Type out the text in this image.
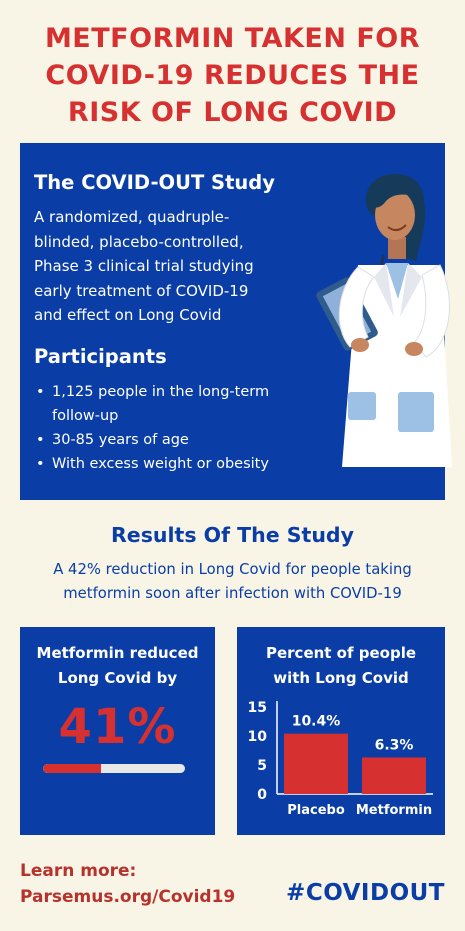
METFORMIN TAKEN FOR
COVID-19 REDUCES THE
RISK OF LONG COVID
The COVID-OUT Study
A randomized, quadruple-
blinded, placebo-controlled,
Phase 3 clinical trial studying
early treatment of COVID-19
and effect on Long Covid
Participants
• 1,125 people in the long-term follow-up
• 30-85 years of age
• With excess weight or obesity
Results Of The Study
A 42% reduction in Long Covid for people taking
metformin soon after infection with COVID-19
Metformin reduced
Long Covid by
41%
Percent of people
with Long Covid
0
5
10
15
10.4%
Placebo
6.3%
Metformin
Learn more:
Parsemus.org/Covid19 #COVIDOUT
